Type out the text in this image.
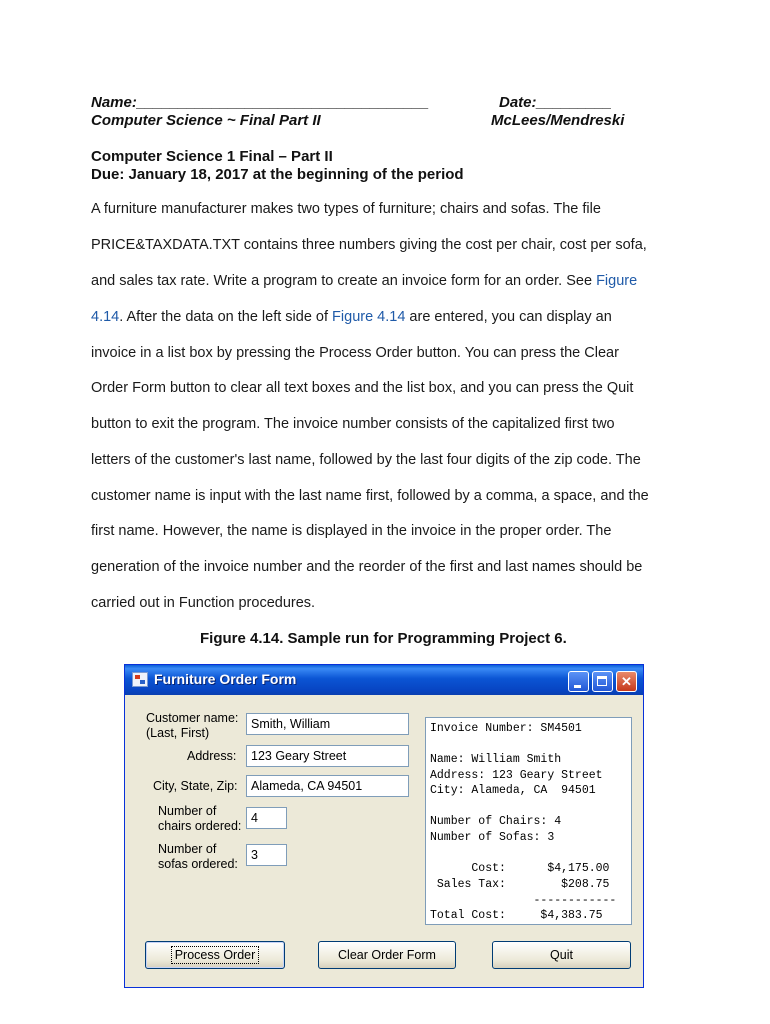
Name:___________________________________	Date:_________
Computer Science ~ Final Part II	McLees/Mendreski
Computer Science 1 Final – Part II
Due: January 18, 2017 at the beginning of the period
A furniture manufacturer makes two types of furniture; chairs and sofas. The file
PRICE&TAXDATA.TXT contains three numbers giving the cost per chair, cost per sofa,
and sales tax rate. Write a program to create an invoice form for an order. See Figure
4.14. After the data on the left side of Figure 4.14 are entered, you can display an
invoice in a list box by pressing the Process Order button. You can press the Clear
Order Form button to clear all text boxes and the list box, and you can press the Quit
button to exit the program. The invoice number consists of the capitalized first two
letters of the customer's last name, followed by the last four digits of the zip code. The
customer name is input with the last name first, followed by a comma, a space, and the
first name. However, the name is displayed in the invoice in the proper order. The
generation of the invoice number and the reorder of the first and last names should be
carried out in Function procedures.
Figure 4.14. Sample run for Programming Project 6.
Furniture Order Form	✕
Customer name:
(Last, First)
Smith, William
Address:	123 Geary Street
City, State, Zip:	Alameda, CA 94501
Number of
chairs ordered:
4
Number of
sofas ordered:
3
Invoice Number: SM4501
Name: William Smith
Address: 123 Geary Street
City: Alameda, CA  94501
Number of Chairs: 4
Number of Sofas: 3
Cost:      $4,175.00
Sales Tax:        $208.75
------------
Total Cost:     $4,383.75
Process Order	Clear Order Form	Quit
